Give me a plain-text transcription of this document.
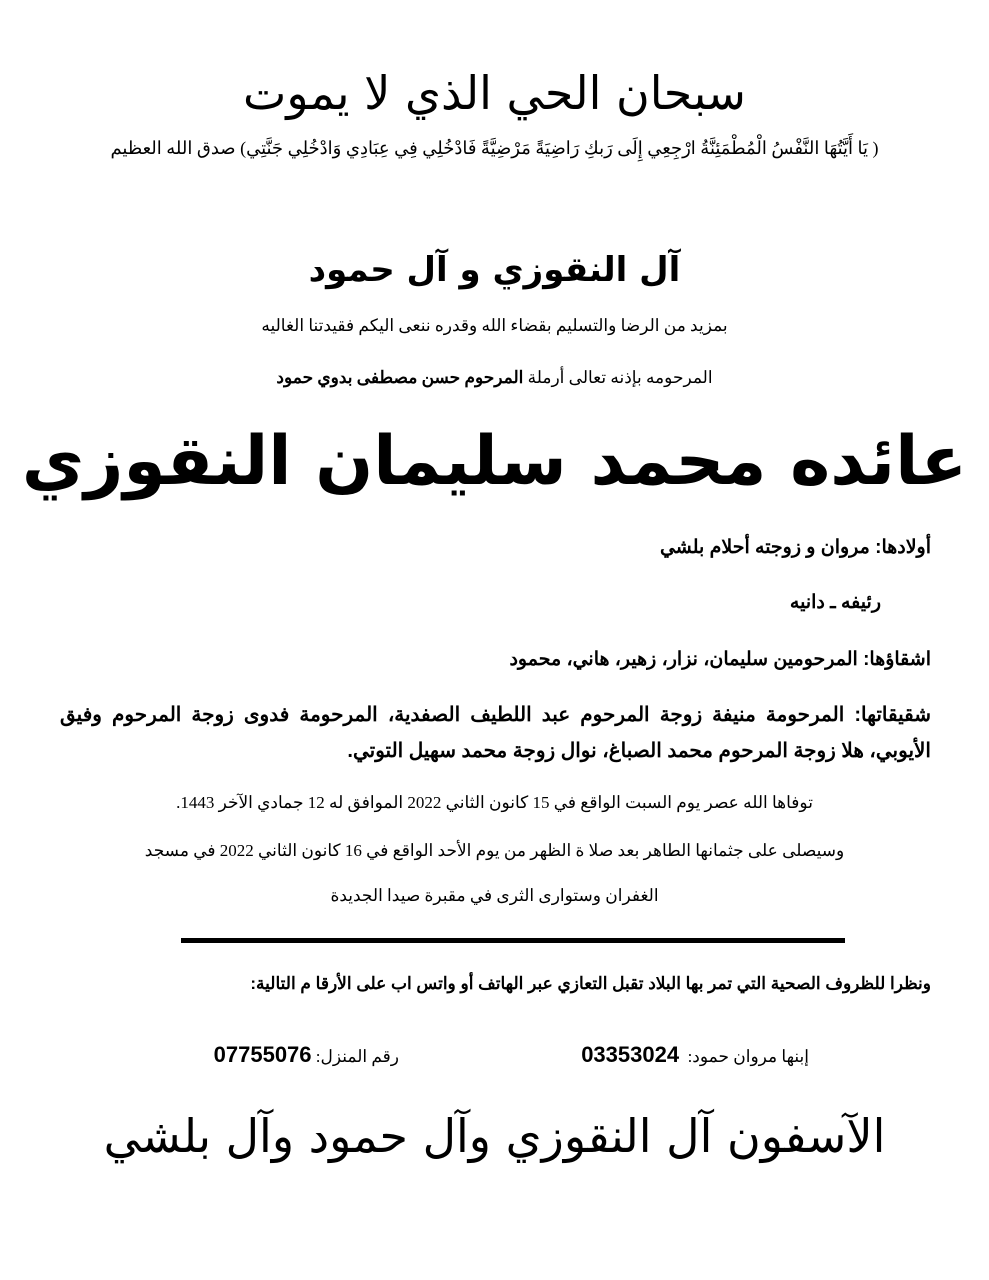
سبحان الحي الذي لا يموت
( يَا أَيَّتُهَا النَّفْسُ الْمُطْمَئِنَّةُ ارْجِعِي إِلَى رَبكِ رَاضِيَةً مَرْضِيَّةً فَادْخُلِي فِي عِبَادِي وَادْخُلِي جَنَّتِي) صدق الله العظيم
آل النقوزي و آل حمود
بمزيد من الرضا والتسليم بقضاء الله وقدره ننعى اليكم فقيدتنا الغاليه
المرحومه بإذنه تعالى أرملة المرحوم حسن مصطفى بدوي حمود
عائده محمد سليمان النقوزي
أولادها: مروان و زوجته أحلام بلشي
رئيفه ـ دانيه
اشقاؤها: المرحومين سليمان، نزار، زهير، هاني، محمود
شقيقاتها: المرحومة منيفة زوجة المرحوم عبد اللطيف الصفدية، المرحومة فدوى زوجة المرحوم وفيق الأيوبي، هلا زوجة المرحوم محمد الصباغ، نوال زوجة محمد سهيل التوتي.
توفاها الله عصر يوم السبت الواقع في 15 كانون الثاني 2022 الموافق له 12 جمادي الآخر 1443.
وسيصلى على جثمانها الطاهر بعد صلا ة الظهر من يوم الأحد الواقع في 16 كانون الثاني 2022 في مسجد
الغفران وستوارى الثرى في مقبرة صيدا الجديدة
ونظرا للظروف الصحية التي تمر بها البلاد تقبل التعازي عبر الهاتف أو واتس اب على الأرقا م التالية:
إبنها مروان حمود:  03353024
رقم المنزل: 07755076
الآسفون آل النقوزي وآل حمود وآل بلشي
